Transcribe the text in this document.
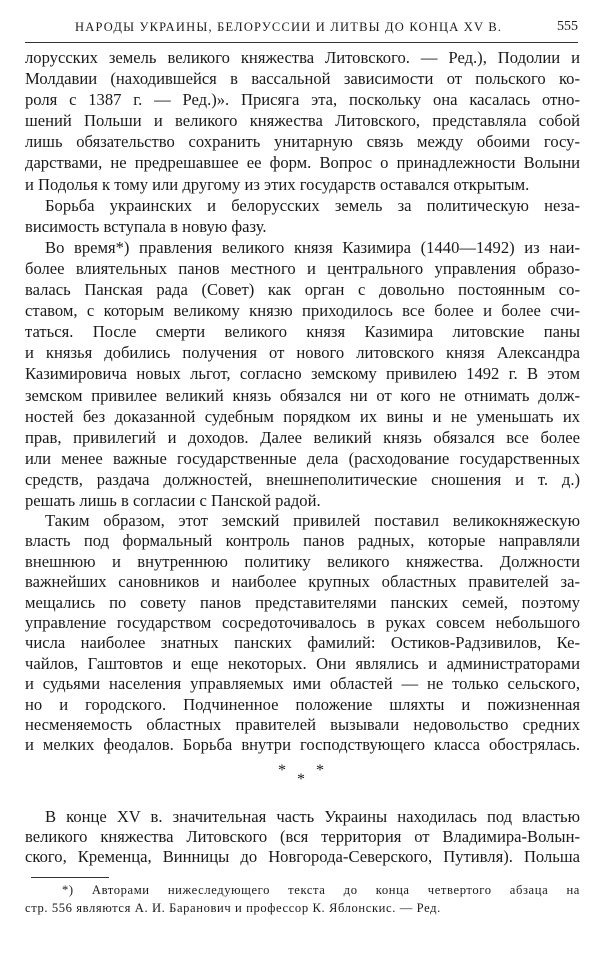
НАРОДЫ УКРАИНЫ, БЕЛОРУССИИ И ЛИТВЫ ДО КОНЦА XV В.	555
лорусских земель великого княжества Литовского. — Ред.), Подолии и
Молдавии (находившейся в вассальной зависимости от польского ко-
роля с 1387 г. — Ред.)». Присяга эта, поскольку она касалась отно-
шений Польши и великого княжества Литовского, представляла собой
лишь обязательство сохранить унитарную связь между обоими госу-
дарствами, не предрешавшее ее форм. Вопрос о принадлежности Волыни
и Подолья к тому или другому из этих государств оставался открытым.
Борьба украинских и белорусских земель за политическую неза-
висимость вступала в новую фазу.
Во время*) правления великого князя Казимира (1440—1492) из наи-
более влиятельных панов местного и центрального управления образо-
валась Панская рада (Совет) как орган с довольно постоянным со-
ставом, с которым великому князю приходилось все более и более счи-
таться. После смерти великого князя Казимира литовские паны
и князья добились получения от нового литовского князя Александра
Казимировича новых льгот, согласно земскому привилею 1492 г. В этом
земском привилее великий князь обязался ни от кого не отнимать долж-
ностей без доказанной судебным порядком их вины и не уменьшать их
прав, привилегий и доходов. Далее великий князь обязался все более
или менее важные государственные дела (расходование государственных
средств, раздача должностей, внешнеполитические сношения и т. д.)
решать лишь в согласии с Панской радой.
Таким образом, этот земский привилей поставил великокняжескую
власть под формальный контроль панов радных, которые направляли
внешнюю и внутреннюю политику великого княжества. Должности
важнейших сановников и наиболее крупных областных правителей за-
мещались по совету панов представителями панских семей, поэтому
управление государством сосредоточивалось в руках совсем небольшого
числа наиболее знатных панских фамилий: Остиков-Радзивилов, Ке-
чайлов, Гаштовтов и еще некоторых. Они являлись и администраторами
и судьями населения управляемых ими областей — не только сельского,
но и городского. Подчиненное положение шляхты и пожизненная
несменяемость областных правителей вызывали недовольство средних
и мелких феодалов. Борьба внутри господствующего класса обострялась.
*
*
*
В конце XV в. значительная часть Украины находилась под властью
великого княжества Литовского (вся территория от Владимира-Волын-
ского, Кременца, Винницы до Новгорода-Северского, Путивля). Польша
*) Авторами нижеследующего текста до конца четвертого абзаца на
стр. 556 являются А. И. Баранович и профессор К. Яблонскис. — Ред.
